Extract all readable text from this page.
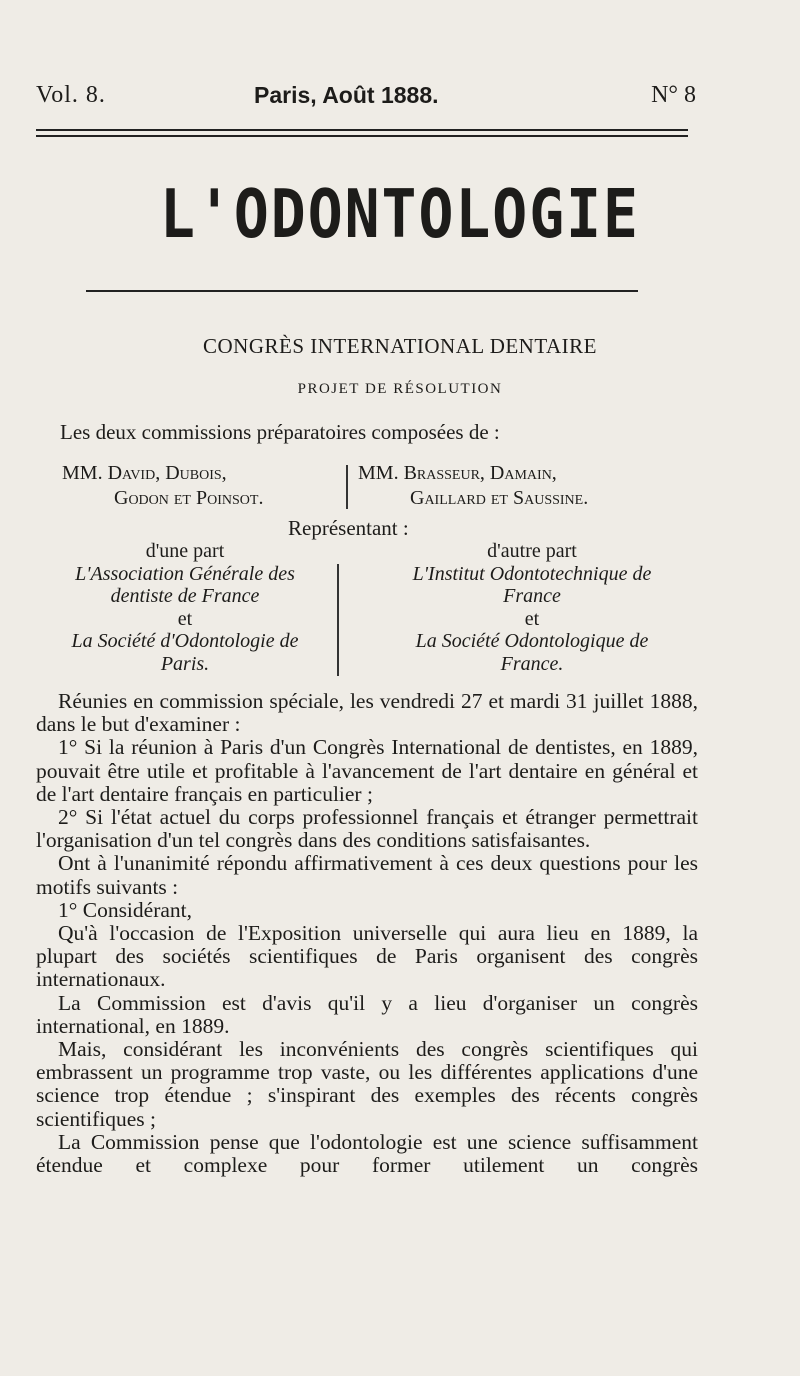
Vol. 8.	Paris, Août 1888.	N° 8
L'ODONTOLOGIE
CONGRÈS INTERNATIONAL DENTAIRE
PROJET DE RÉSOLUTION
Les deux commissions préparatoires composées de :
MM. David, Dubois,
Godon et Poinsot.
MM. Brasseur, Damain,
Gaillard et Saussine.
Représentant :
d'une part
L'Association Générale des
dentiste de France
et
La Société d'Odontologie de
Paris.
d'autre part
L'Institut Odontotechnique de
France
et
La Société Odontologique de
France.

Réunies en commission spéciale, les vendredi 27 et mardi 31 juillet 1888, dans le but d'examiner :

1° Si la réunion à Paris d'un Congrès International de dentistes, en 1889, pouvait être utile et profitable à l'avancement de l'art dentaire en général et de l'art dentaire français en particulier ;

2° Si l'état actuel du corps professionnel français et étranger permettrait l'organisation d'un tel congrès dans des conditions satisfaisantes.

Ont à l'unanimité répondu affirmativement à ces deux questions pour les motifs suivants :

1° Considérant,

Qu'à l'occasion de l'Exposition universelle qui aura lieu en 1889, la plupart des sociétés scientifiques de Paris organisent des congrès internationaux.

La Commission est d'avis qu'il y a lieu d'organiser un congrès international, en 1889.

Mais, considérant les inconvénients des congrès scientifiques qui embrassent un programme trop vaste, ou les différentes applications d'une science trop étendue ; s'inspirant des exemples des récents congrès scientifiques ;

La Commission pense que l'odontologie est une science suffisamment étendue et complexe pour former utilement un congrès
